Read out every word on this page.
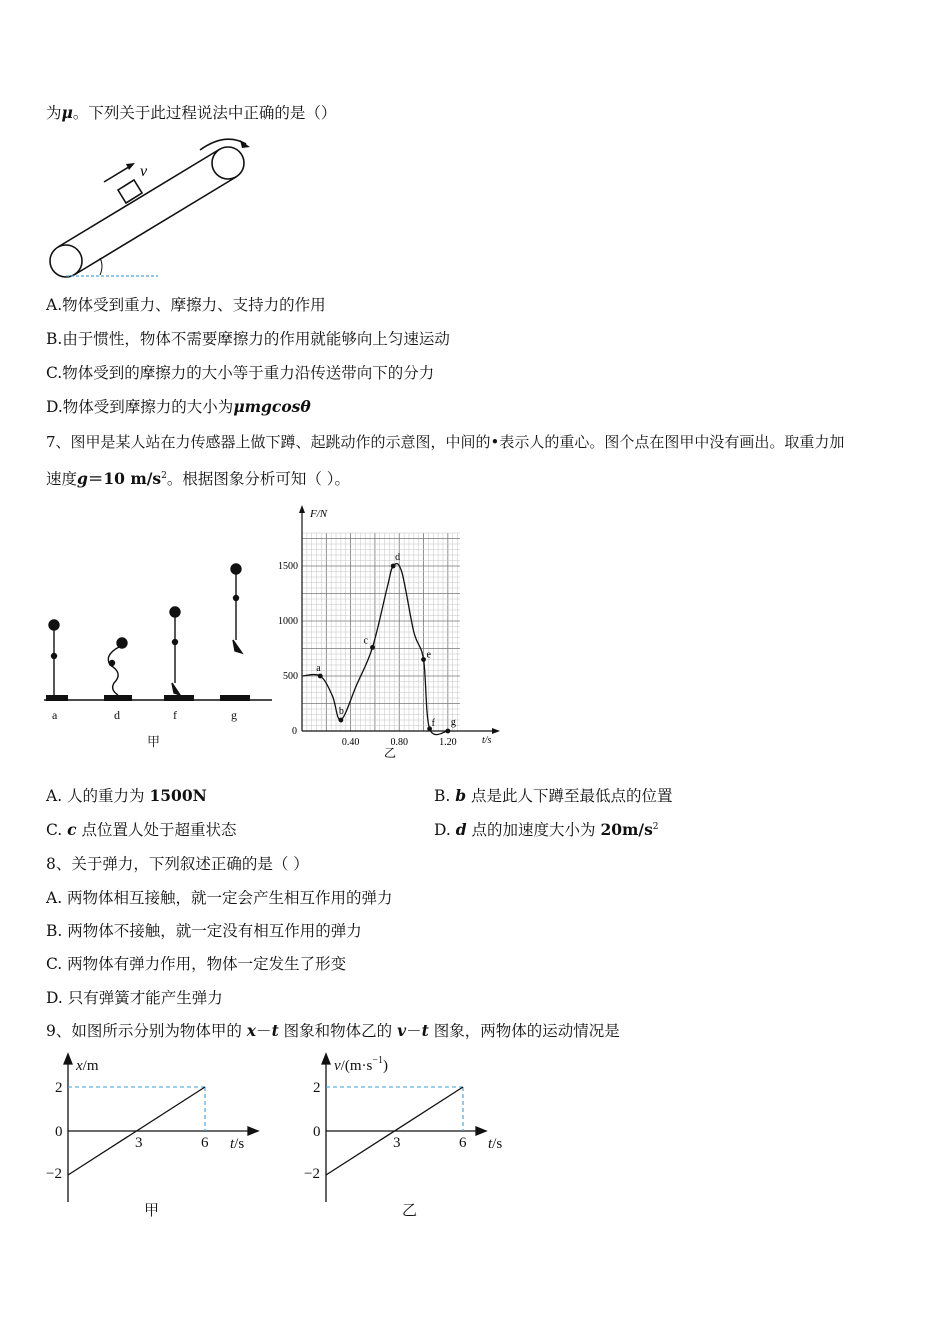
为μ。下列关于此过程说法中正确的是（）
v
A.物体受到重力、摩擦力、支持力的作用
B.由于惯性，物体不需要摩擦力的作用就能够向上匀速运动
C.物体受到的摩擦力的大小等于重力沿传送带向下的分力
D.物体受到摩擦力的大小为μmgcosθ
7、图甲是某人站在力传感器上做下蹲、起跳动作的示意图，中间的•表示人的重心。图个点在图甲中没有画出。取重力加
速度g＝10 $m/s^2$。根据图象分析可知（ ）。
a	d	f	g
甲
F/N
t/s
0
500
1000
1500
0.40	0.80	1.20
a
b
c
d
e
f g
乙
A. 人的重力为 1500N	B. b 点是此人下蹲至最低点的位置
C. c 点位置人处于超重状态	D. d 点的加速度大小为 $20m/s^2$
8、关于弹力，下列叙述正确的是（ ）
A. 两物体相互接触，就一定会产生相互作用的弹力
B. 两物体不接触，就一定没有相互作用的弹力
C. 两物体有弹力作用，物体一定发生了形变
D. 只有弹簧才能产生弹力
9、如图所示分别为物体甲的 x－t 图象和物体乙的 v－t 图象，两物体的运动情况是
x/m
2
0
−2
3	6 t/s
甲
$v/(m\cdot s^{-1})$
2
0
−2
3	6 t/s
乙
